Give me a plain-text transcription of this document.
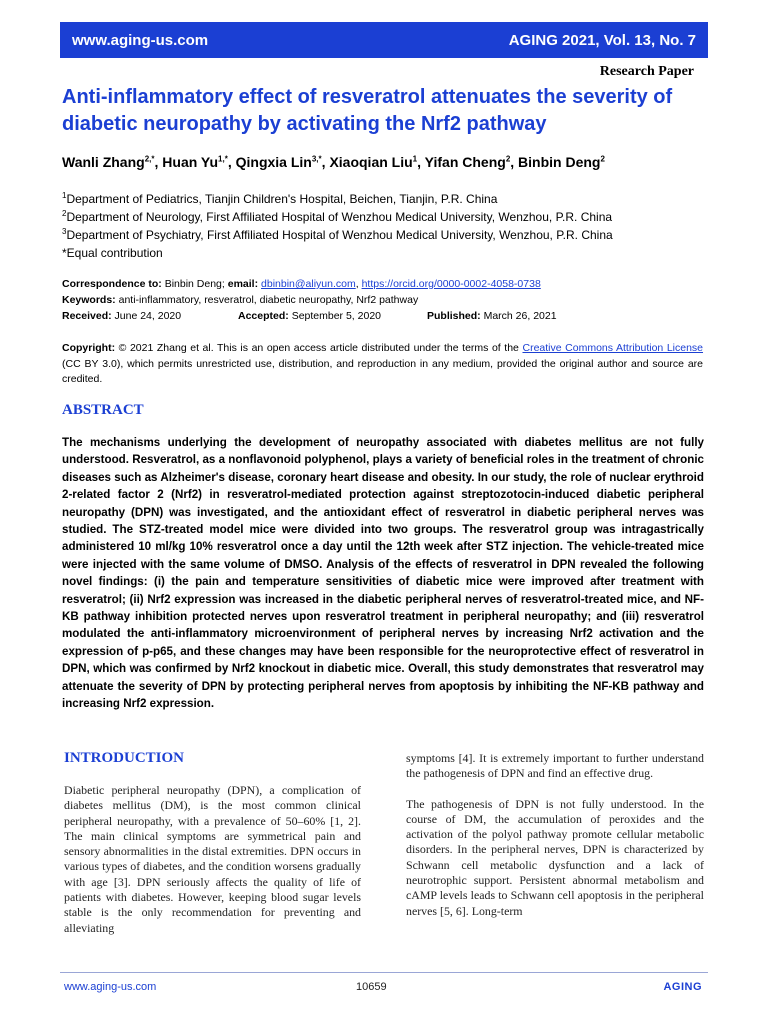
www.aging-us.com	AGING 2021, Vol. 13, No. 7
Research Paper
Anti-inflammatory effect of resveratrol attenuates the severity of diabetic neuropathy by activating the Nrf2 pathway
Wanli Zhang$^{2,*}$, Huan $Yu^{1,*}$, Qingxia Lin$^{3,*}$, Xiaoqian Liu$^1$, Yifan Cheng$^2$, Binbin Deng$^2$
$^1$Department of Pediatrics, Tianjin Children's Hospital, Beichen, Tianjin, P.R. China
$^2$Department of Neurology, First Affiliated Hospital of Wenzhou Medical University, Wenzhou, P.R. China
$^3$Department of Psychiatry, First Affiliated Hospital of Wenzhou Medical University, Wenzhou, P.R. China
*Equal contribution
Correspondence to: Binbin Deng; email: dbinbin@aliyun.com, https://orcid.org/0000-0002-4058-0738
Keywords: anti-inflammatory, resveratrol, diabetic neuropathy, Nrf2 pathway
Received: June 24, 2020	Accepted: September 5, 2020	Published: March 26, 2021
Copyright: © 2021 Zhang et al. This is an open access article distributed under the terms of the Creative Commons Attribution License (CC BY 3.0), which permits unrestricted use, distribution, and reproduction in any medium, provided the original author and source are credited.
ABSTRACT
The mechanisms underlying the development of neuropathy associated with diabetes mellitus are not fully understood. Resveratrol, as a nonflavonoid polyphenol, plays a variety of beneficial roles in the treatment of chronic diseases such as Alzheimer's disease, coronary heart disease and obesity. In our study, the role of nuclear erythroid 2-related factor 2 (Nrf2) in resveratrol-mediated protection against streptozotocin-induced diabetic peripheral neuropathy (DPN) was investigated, and the antioxidant effect of resveratrol in diabetic peripheral nerves was studied. The STZ-treated model mice were divided into two groups. The resveratrol group was intragastrically administered 10 ml/kg 10% resveratrol once a day until the 12th week after STZ injection. The vehicle-treated mice were injected with the same volume of DMSO. Analysis of the effects of resveratrol in DPN revealed the following novel findings: (i) the pain and temperature sensitivities of diabetic mice were improved after treatment with resveratrol; (ii) Nrf2 expression was increased in the diabetic peripheral nerves of resveratrol-treated mice, and NF-KB pathway inhibition protected nerves upon resveratrol treatment in peripheral neuropathy; and (iii) resveratrol modulated the anti-inflammatory microenvironment of peripheral nerves by increasing Nrf2 activation and the expression of p-p65, and these changes may have been responsible for the neuroprotective effect of resveratrol in DPN, which was confirmed by Nrf2 knockout in diabetic mice. Overall, this study demonstrates that resveratrol may attenuate the severity of DPN by protecting peripheral nerves from apoptosis by inhibiting the NF-KB pathway and increasing Nrf2 expression.
INTRODUCTION
Diabetic peripheral neuropathy (DPN), a complication of diabetes mellitus (DM), is the most common clinical peripheral neuropathy, with a prevalence of 50–60% [1, 2]. The main clinical symptoms are symmetrical pain and sensory abnormalities in the distal extremities. DPN occurs in various types of diabetes, and the condition worsens gradually with age [3]. DPN seriously affects the quality of life of patients with diabetes. However, keeping blood sugar levels stable is the only recommendation for preventing and alleviating

symptoms [4]. It is extremely important to further understand the pathogenesis of DPN and find an effective drug.

The pathogenesis of DPN is not fully understood. In the course of DM, the accumulation of peroxides and the activation of the polyol pathway promote cellular metabolic disorders. In the peripheral nerves, DPN is characterized by Schwann cell metabolic dysfunction and a lack of neurotrophic support. Persistent abnormal metabolism and cAMP levels leads to Schwann cell apoptosis in the peripheral nerves [5, 6]. Long-term

www.aging-us.com	10659	AGING
